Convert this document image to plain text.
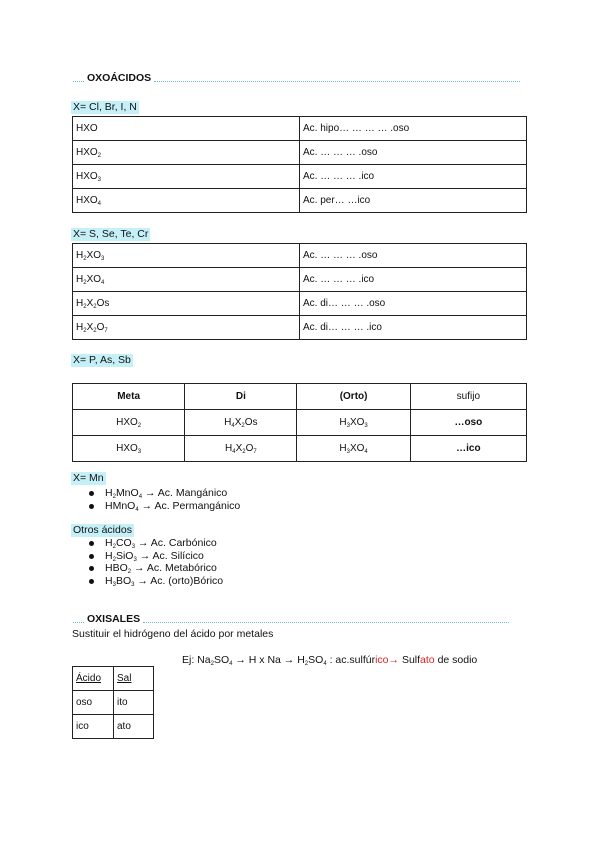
OXOÁCIDOS
X= Cl, Br, I, N
HXO	Ac. hipo… … … … .oso
$HXO_2$	Ac. … … … .oso
$HXO_3$	Ac. … … … .ico
$HXO_4$	Ac. per… …ico
X= S, Se, Te, Cr
$H_2XO_3$	Ac. … … … .oso
$H_2XO_4$	Ac. … … … .ico
$H_2X_2Os$	Ac. di… … … .oso
$H_2X_2O_7$	Ac. di… … … .ico
X= P, As, Sb
Meta	Di	(Orto)	sufijo
$HXO_2$	$H_4X_2Os$	$H_3XO_3$	…oso
$HXO_3$	$H_4X_2O_7$	$H_3XO_4$	…ico
X= Mn
$H_2MnO_4 \to Ac$. Mangánico
HMnO$_4$ → Ac. Permangánico
Otros ácidos
$H_2CO_3 \to Ac$. Carbónico
$H_2SiO_3 \to Ac$. Silícico
$HBO_2 \to Ac$. Metabórico
$H_3BO_3 \to Ac$. (orto)Bórico
OXISALES
Sustituir el hidrógeno del ácido por metales
Ej: $Na_2SO_4 \to H$ x $Na \to H_2SO_4$ : ac.sulfúrico→ Sulfato de sodio
Ácido	Sal
oso	ito
ico	ato
